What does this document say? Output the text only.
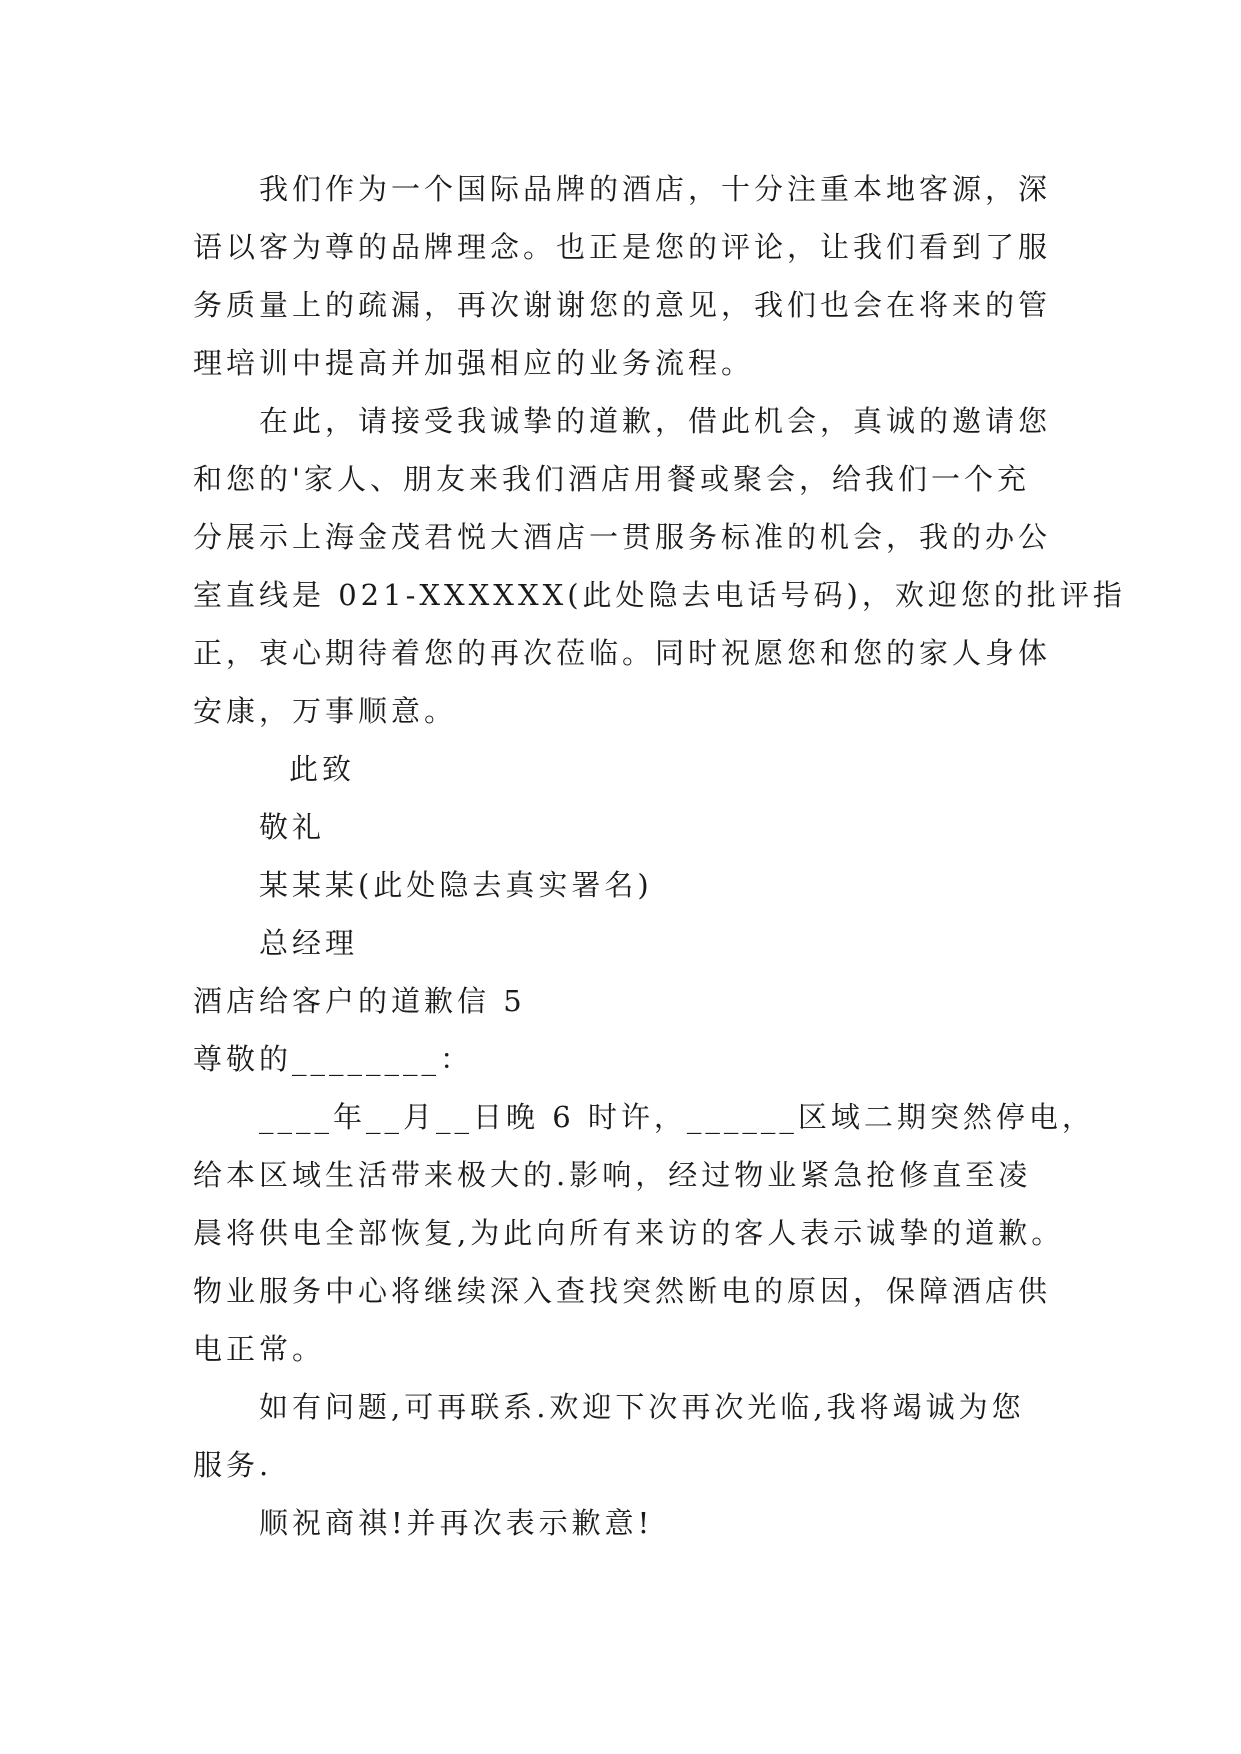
我们作为一个国际品牌的酒店，十分注重本地客源，深
语以客为尊的品牌理念。也正是您的评论，让我们看到了服
务质量上的疏漏，再次谢谢您的意见，我们也会在将来的管
理培训中提高并加强相应的业务流程。
在此，请接受我诚挚的道歉，借此机会，真诚的邀请您
和您的'家人、朋友来我们酒店用餐或聚会，给我们一个充
分展示上海金茂君悦大酒店一贯服务标准的机会，我的办公
室直线是 021-XXXXXX(此处隐去电话号码)，欢迎您的批评指
正，衷心期待着您的再次莅临。同时祝愿您和您的家人身体
安康，万事顺意。
此致
敬礼
某某某(此处隐去真实署名)
总经理
酒店给客户的道歉信 5
尊敬的________：
____年__月__日晚 6 时许，______区域二期突然停电，
给本区域生活带来极大的.影响，经过物业紧急抢修直至凌
晨将供电全部恢复,为此向所有来访的客人表示诚挚的道歉。
物业服务中心将继续深入查找突然断电的原因，保障酒店供
电正常。
如有问题,可再联系.欢迎下次再次光临,我将竭诚为您
服务.
顺祝商祺!并再次表示歉意!
